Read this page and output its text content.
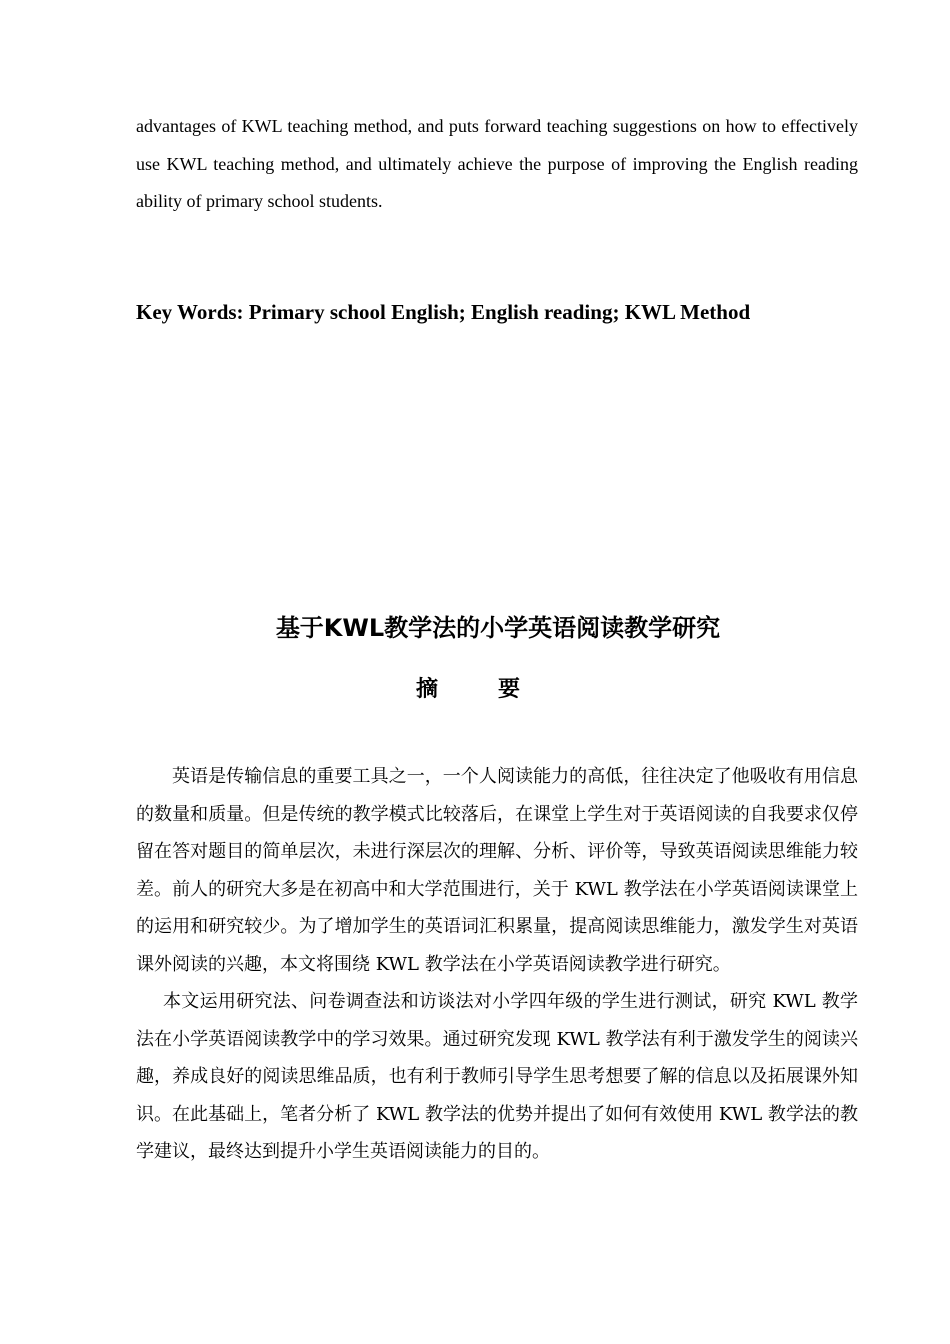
advantages of KWL teaching method, and puts forward teaching suggestions on how to effectively use KWL teaching method, and ultimately achieve the purpose of improving the English reading ability of primary school students.

Key Words: Primary school English; English reading; KWL Method

基于KWL教学法的小学英语阅读教学研究
摘要

英语是传输信息的重要工具之一，一个人阅读能力的高低，往往决定了他吸收有用信息的数量和质量。但是传统的教学模式比较落后，在课堂上学生对于英语阅读的自我要求仅停留在答对题目的简单层次，未进行深层次的理解、分析、评价等，导致英语阅读思维能力较差。前人的研究大多是在初高中和大学范围进行，关于 KWL 教学法在小学英语阅读课堂上的运用和研究较少。为了增加学生的英语词汇积累量，提高阅读思维能力，激发学生对英语课外阅读的兴趣，本文将围绕 KWL 教学法在小学英语阅读教学进行研究。

本文运用研究法、问卷调查法和访谈法对小学四年级的学生进行测试，研究 KWL 教学法在小学英语阅读教学中的学习效果。通过研究发现 KWL 教学法有利于激发学生的阅读兴趣，养成良好的阅读思维品质，也有利于教师引导学生思考想要了解的信息以及拓展课外知识。在此基础上，笔者分析了 KWL 教学法的优势并提出了如何有效使用 KWL 教学法的教学建议，最终达到提升小学生英语阅读能力的目的。
